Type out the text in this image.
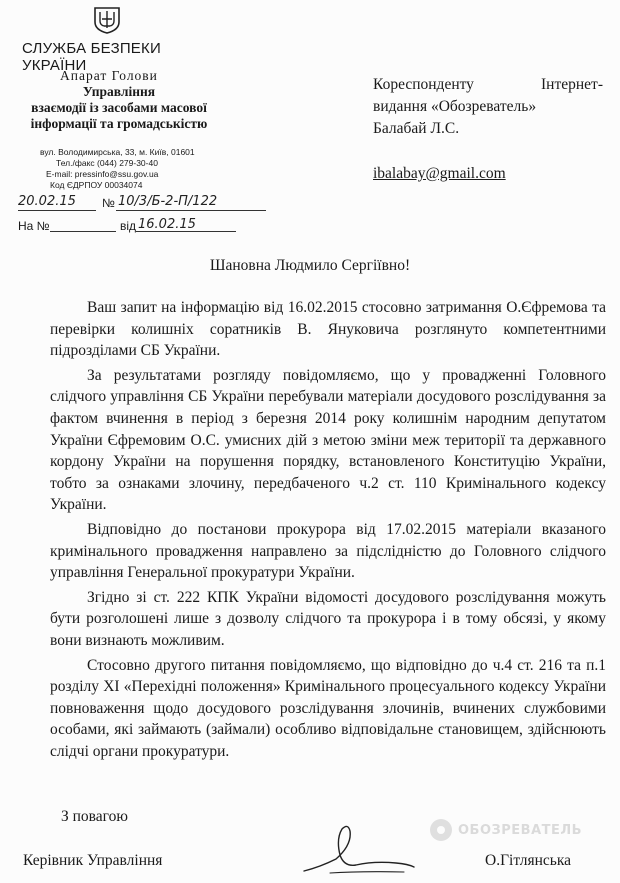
СЛУЖБА БЕЗПЕКИ УКРАЇНИ
Апарат Голови
Управління
взаємодії із засобами масової
інформації та громадськістю
вул. Володимирська, 33, м. Київ, 01601
Тел./факс (044) 279-30-40
E-mail: pressinfo@ssu.gov.ua
Код ЄДРПОУ 00034074
20.02.15 № 10/3/Б-2-П/122
На №	від 16.02.15
Кореспонденту	Інтернет-
видання «Обозреватель»
Балабай Л.С.
ibalabay@gmail.com
Шановна Людмило Сергіївно!

Ваш запит на інформацію від 16.02.2015 стосовно затримання О.Єфремова та перевірки колишніх соратників В. Януковича розглянуто компетентними підрозділами СБ України.

За результатами розгляду повідомляємо, що у провадженні Головного слідчого управління СБ України перебували матеріали досудового розслідування за фактом вчинення в період з березня 2014 року колишнім народним депутатом України Єфремовим О.С. умисних дій з метою зміни меж території та державного кордону України на порушення порядку, встановленого Конституцію України, тобто за ознаками злочину, передбаченого ч.2 ст. 110 Кримінального кодексу України.

Відповідно до постанови прокурора від 17.02.2015 матеріали вказаного кримінального провадження направлено за підслідністю до Головного слідчого управління Генеральної прокуратури України.

Згідно зі ст. 222 КПК України відомості досудового розслідування можуть бути розголошені лише з дозволу слідчого та прокурора і в тому обсязі, у якому вони визнають можливим.

Стосовно другого питання повідомляємо, що відповідно до ч.4 ст. 216 та п.1 розділу XI «Перехідні положення» Кримінального процесуального кодексу України повноваження щодо досудового розслідування злочинів, вчинених службовими особами, які займають (займали) особливо відповідальне становищем, здійснюють слідчі органи прокуратури.

З повагою
Керівник Управління
ОБОЗРЕВАТЕЛЬ
О.Гітлянська
